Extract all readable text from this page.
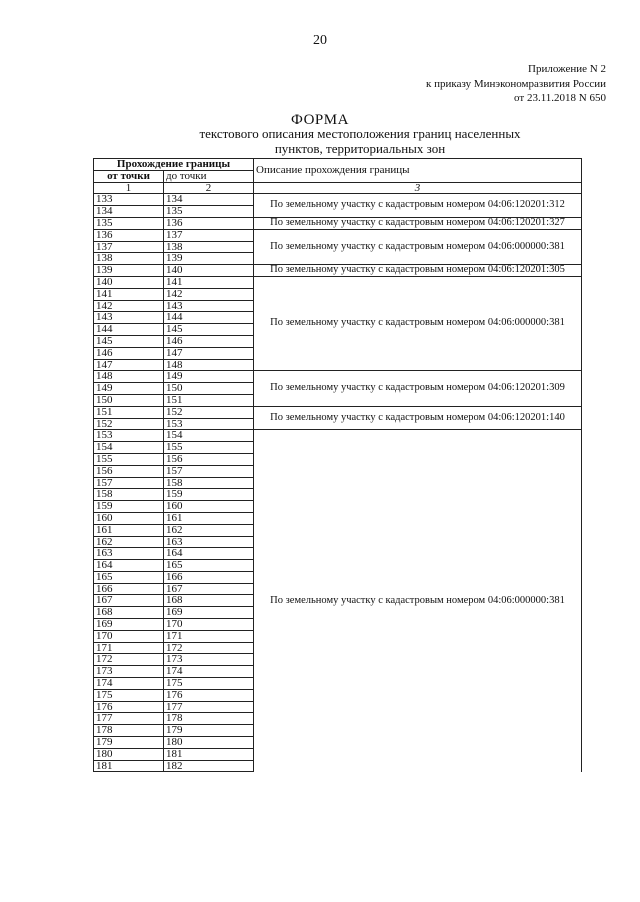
20
Приложение N 2
к приказу Минэкономразвития России
от 23.11.2018 N 650
ФОРМА
текстового описания местоположения границ населенных
пунктов, территориальных зон
Прохождение границы		Описание прохождения границы
от точки	до точки	
1	2	3
133	134	По земельному участку с кадастровым номером 04:06:120201:312
134	135	
135	136	По земельному участку с кадастровым номером 04:06:120201:327
136	137	По земельному участку с кадастровым номером 04:06:000000:381
137	138	
138	139	
139	140	По земельному участку с кадастровым номером 04:06:120201:305
140	141	По земельному участку с кадастровым номером 04:06:000000:381
141	142	
142	143	
143	144	
144	145	
145	146	
146	147	
147	148	
148	149	По земельному участку с кадастровым номером 04:06:120201:309
149	150	
150	151	
151	152	По земельному участку с кадастровым номером 04:06:120201:140
152	153	
153	154	По земельному участку с кадастровым номером 04:06:000000:381
154	155	
155	156	
156	157	
157	158	
158	159	
159	160	
160	161	
161	162	
162	163	
163	164	
164	165	
165	166	
166	167	
167	168	
168	169	
169	170	
170	171	
171	172	
172	173	
173	174	
174	175	
175	176	
176	177	
177	178	
178	179	
179	180	
180	181	
181	182	
